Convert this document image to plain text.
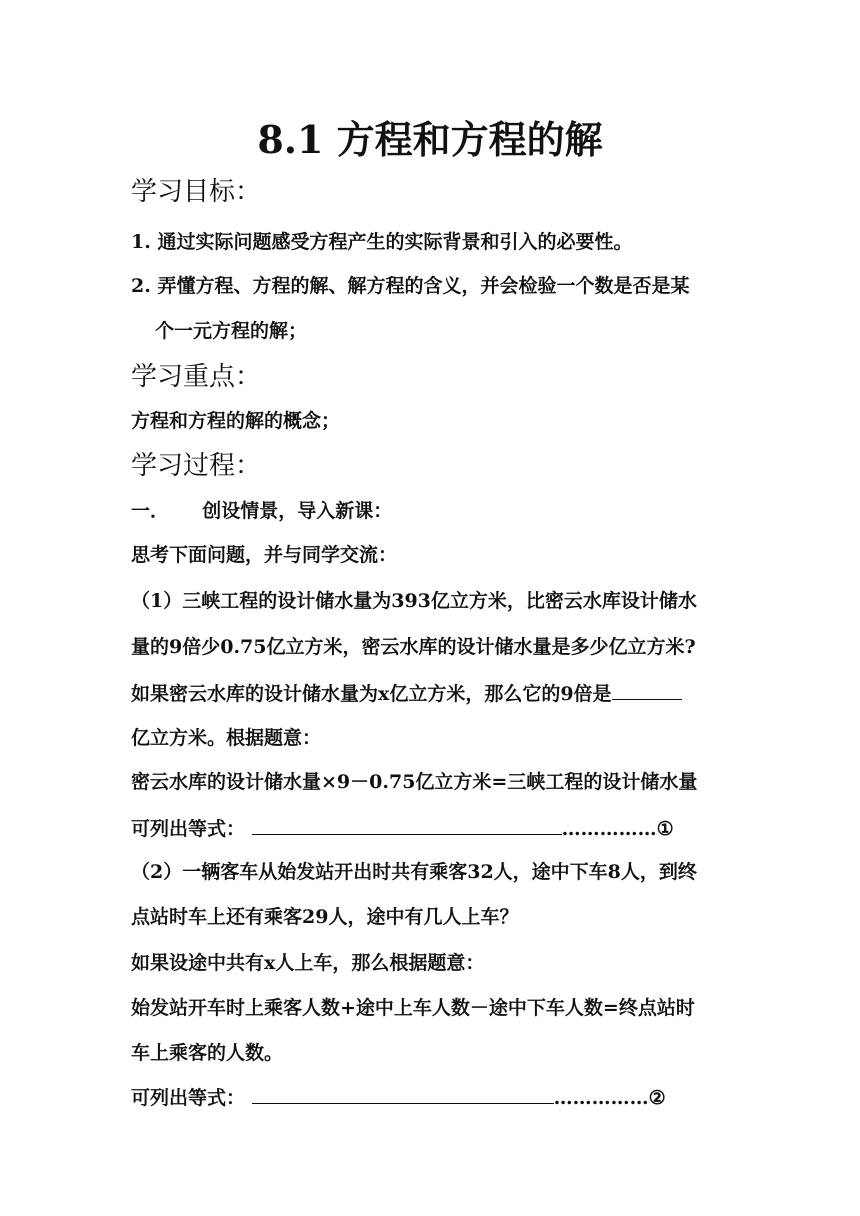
8.1 方程和方程的解
学习目标：
1. 通过实际问题感受方程产生的实际背景和引入的必要性。
2. 弄懂方程、方程的解、解方程的含义，并会检验一个数是否是某
个一元方程的解；
学习重点：
方程和方程的解的概念；
学习过程：
一． 创设情景，导入新课：
思考下面问题，并与同学交流：
（1）三峡工程的设计储水量为393亿立方米，比密云水库设计储水
量的9倍少0.75亿立方米，密云水库的设计储水量是多少亿立方米?
如果密云水库的设计储水量为x亿立方米，那么它的9倍是
亿立方米。根据题意：
密云水库的设计储水量×9－0.75亿立方米=三峡工程的设计储水量
可列出等式：	……………①
（2）一辆客车从始发站开出时共有乘客32人，途中下车8人，到终
点站时车上还有乘客29人，途中有几人上车？
如果设途中共有x人上车，那么根据题意：
始发站开车时上乘客人数+途中上车人数－途中下车人数=终点站时
车上乘客的人数。
可列出等式：	……………②
